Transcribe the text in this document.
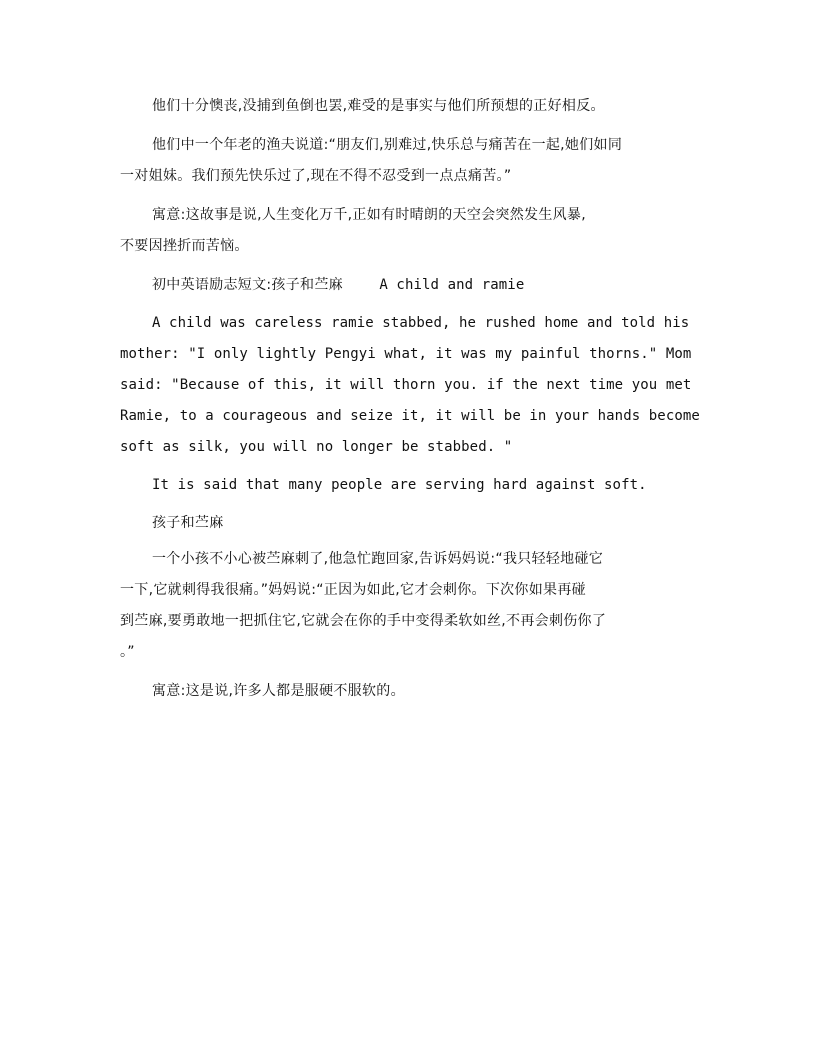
他们十分懊丧,没捕到鱼倒也罢,难受的是事实与他们所预想的正好相反。
他们中一个年老的渔夫说道:“朋友们,别难过,快乐总与痛苦在一起,她们如同
一对姐妹。我们预先快乐过了,现在不得不忍受到一点点痛苦。”
寓意:这故事是说,人生变化万千,正如有时晴朗的天空会突然发生风暴,
不要因挫折而苦恼。
初中英语励志短文:孩子和苎麻	A child and ramie
A child was careless ramie stabbed, he rushed home and told his
mother: "I only lightly Pengyi what, it was my painful thorns." Mom
said: "Because of this, it will thorn you. if the next time you met
Ramie, to a courageous and seize it, it will be in your hands become
soft as silk, you will no longer be stabbed. "
It is said that many people are serving hard against soft.
孩子和苎麻
一个小孩不小心被苎麻刺了,他急忙跑回家,告诉妈妈说:“我只轻轻地碰它
一下,它就刺得我很痛。”妈妈说:“正因为如此,它才会刺你。下次你如果再碰
到苎麻,要勇敢地一把抓住它,它就会在你的手中变得柔软如丝,不再会刺伤你了
。”
寓意:这是说,许多人都是服硬不服软的。
